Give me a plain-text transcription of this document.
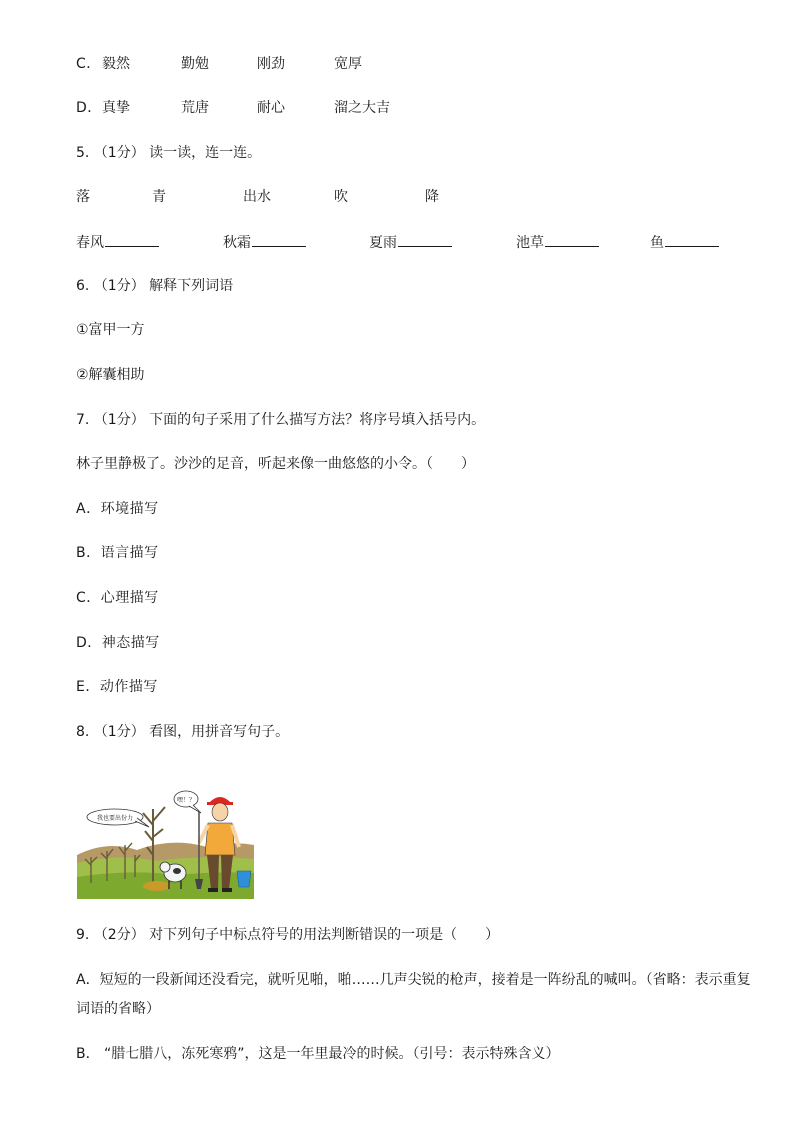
C． 毅然	勤勉	刚劲	宽厚
D． 真挚	荒唐	耐心	溜之大吉
5. （1分） 读一读，连一连。
落	青	出水	吹	降
春风	秋霜	夏雨	池草	鱼
6. （1分） 解释下列词语
①富甲一方
②解囊相助
7. （1分） 下面的句子采用了什么描写方法？将序号填入括号内。
林子里静极了。沙沙的足音，听起来像一曲悠悠的小令。（　　）
A．环境描写
B．语言描写
C．心理描写
D．神态描写
E．动作描写
8. （1分） 看图，用拼音写句子。
我也要出份力
嘿！？
9. （2分） 对下列句子中标点符号的用法判断错误的一项是（　　）
A．短短的一段新闻还没看完，就听见啪，啪……几声尖锐的枪声，接着是一阵纷乱的喊叫。（省略：表示重复词语的省略）
B． “腊七腊八，冻死寒鸦”，这是一年里最冷的时候。（引号：表示特殊含义）
